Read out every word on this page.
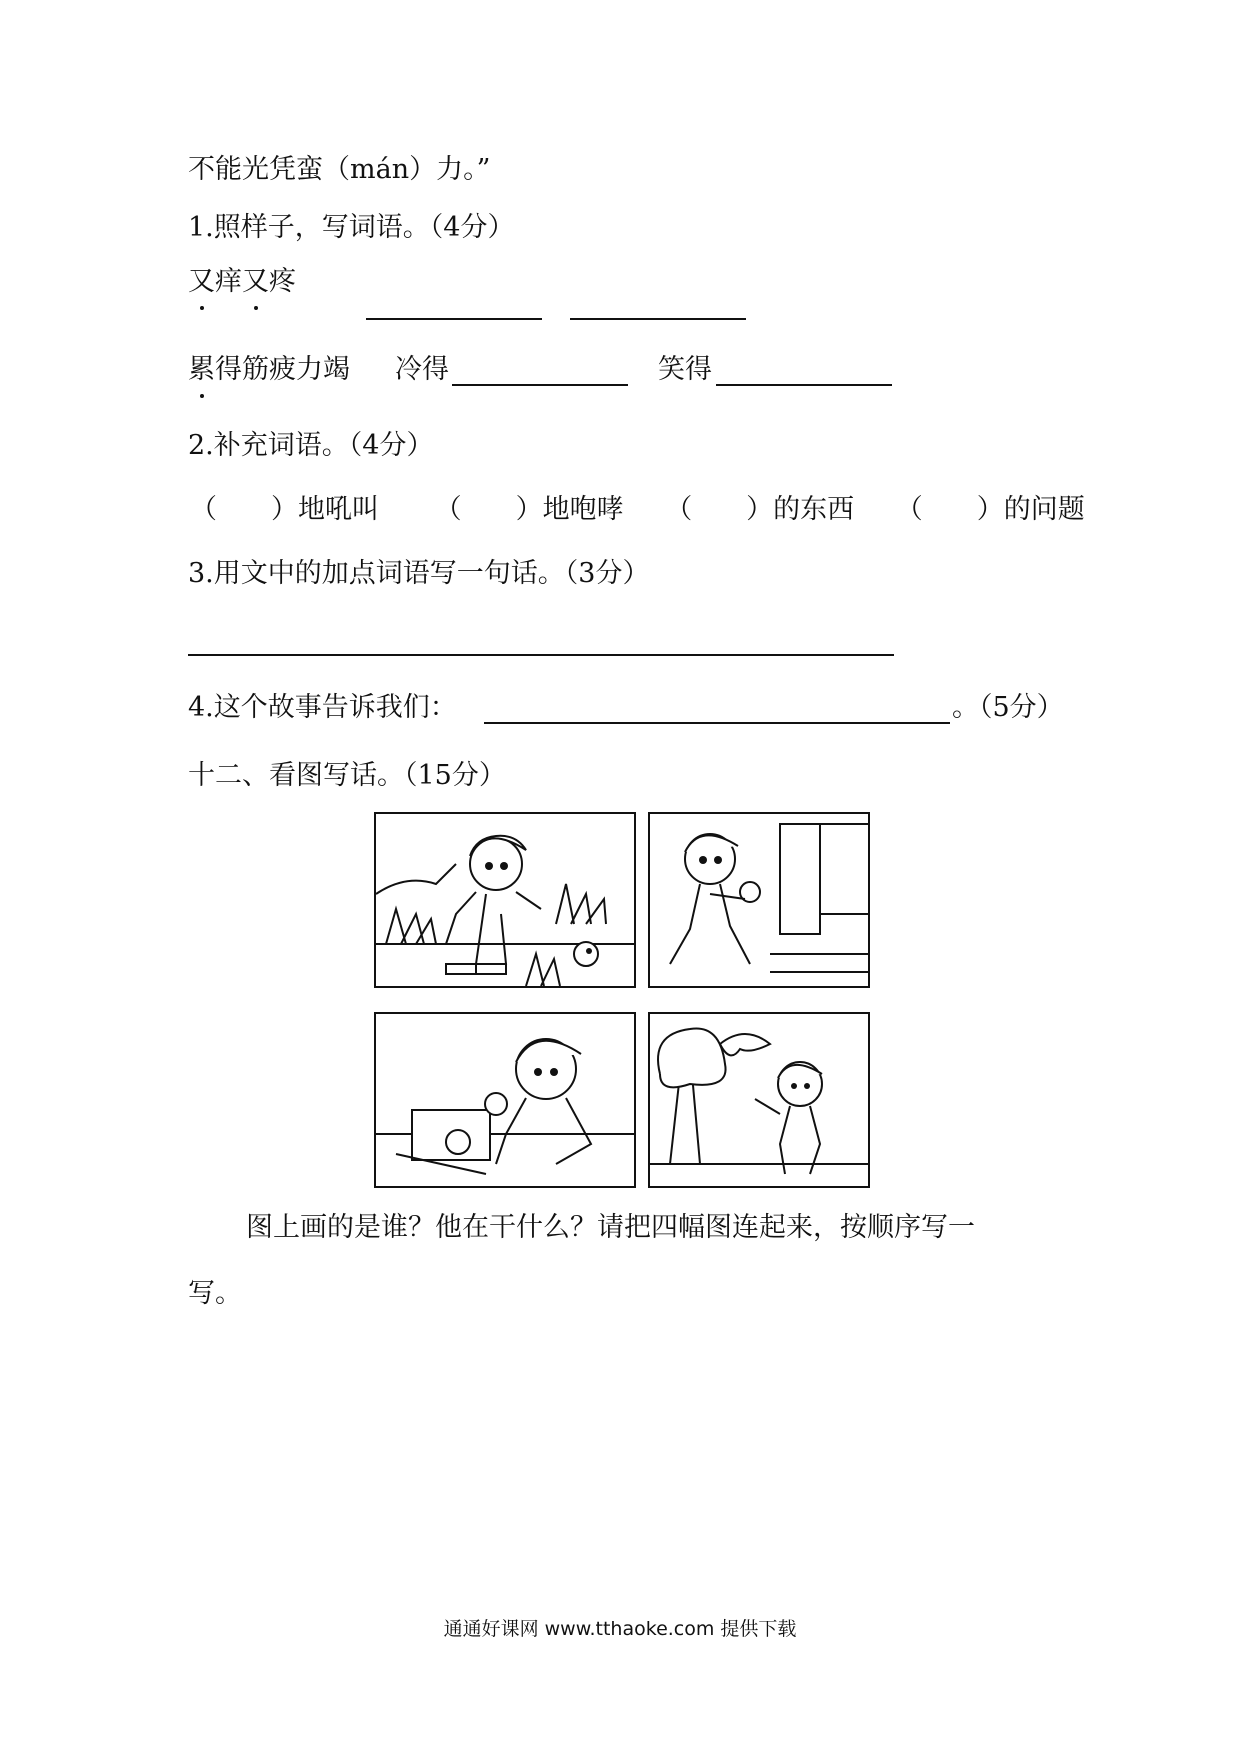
不能光凭蛮（mán）力。”
1.照样子，写词语。（4分）
又痒又疼
累得筋疲力竭 冷得	笑得
2.补充词语。（4分）
（　　）地吼叫 （　　）地咆哮 （　　）的东西 （　　）的问题
3.用文中的加点词语写一句话。（3分）
4.这个故事告诉我们：	。（5分）
十二、看图写话。（15分）
图上画的是谁？他在干什么？请把四幅图连起来，按顺序写一
写。
通通好课网 www.tthaoke.com 提供下载
